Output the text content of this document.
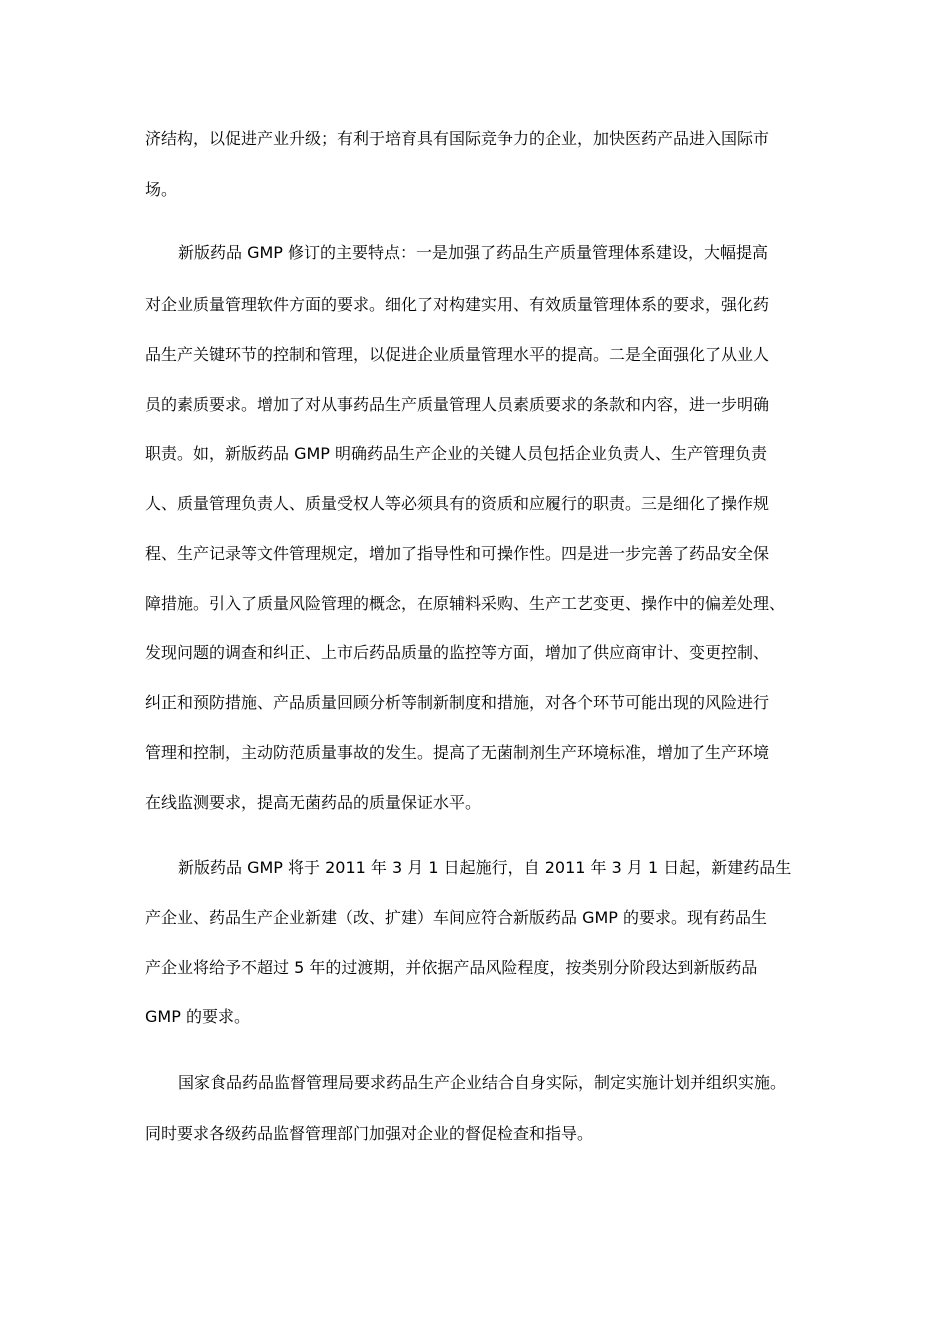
济结构，以促进产业升级；有利于培育具有国际竞争力的企业，加快医药产品进入国际市

场。

新版药品 GMP 修订的主要特点：一是加强了药品生产质量管理体系建设，大幅提高

对企业质量管理软件方面的要求。细化了对构建实用、有效质量管理体系的要求，强化药

品生产关键环节的控制和管理，以促进企业质量管理水平的提高。二是全面强化了从业人

员的素质要求。增加了对从事药品生产质量管理人员素质要求的条款和内容，进一步明确

职责。如，新版药品 GMP 明确药品生产企业的关键人员包括企业负责人、生产管理负责

人、质量管理负责人、质量受权人等必须具有的资质和应履行的职责。三是细化了操作规

程、生产记录等文件管理规定，增加了指导性和可操作性。四是进一步完善了药品安全保

障措施。引入了质量风险管理的概念，在原辅料采购、生产工艺变更、操作中的偏差处理、

发现问题的调查和纠正、上市后药品质量的监控等方面，增加了供应商审计、变更控制、

纠正和预防措施、产品质量回顾分析等制新制度和措施，对各个环节可能出现的风险进行

管理和控制，主动防范质量事故的发生。提高了无菌制剂生产环境标准，增加了生产环境

在线监测要求，提高无菌药品的质量保证水平。

新版药品 GMP 将于 2011 年 3 月 1 日起施行，自 2011 年 3 月 1 日起，新建药品生

产企业、药品生产企业新建（改、扩建）车间应符合新版药品 GMP 的要求。现有药品生

产企业将给予不超过 5 年的过渡期，并依据产品风险程度，按类别分阶段达到新版药品

GMP 的要求。

国家食品药品监督管理局要求药品生产企业结合自身实际，制定实施计划并组织实施。

同时要求各级药品监督管理部门加强对企业的督促检查和指导。
